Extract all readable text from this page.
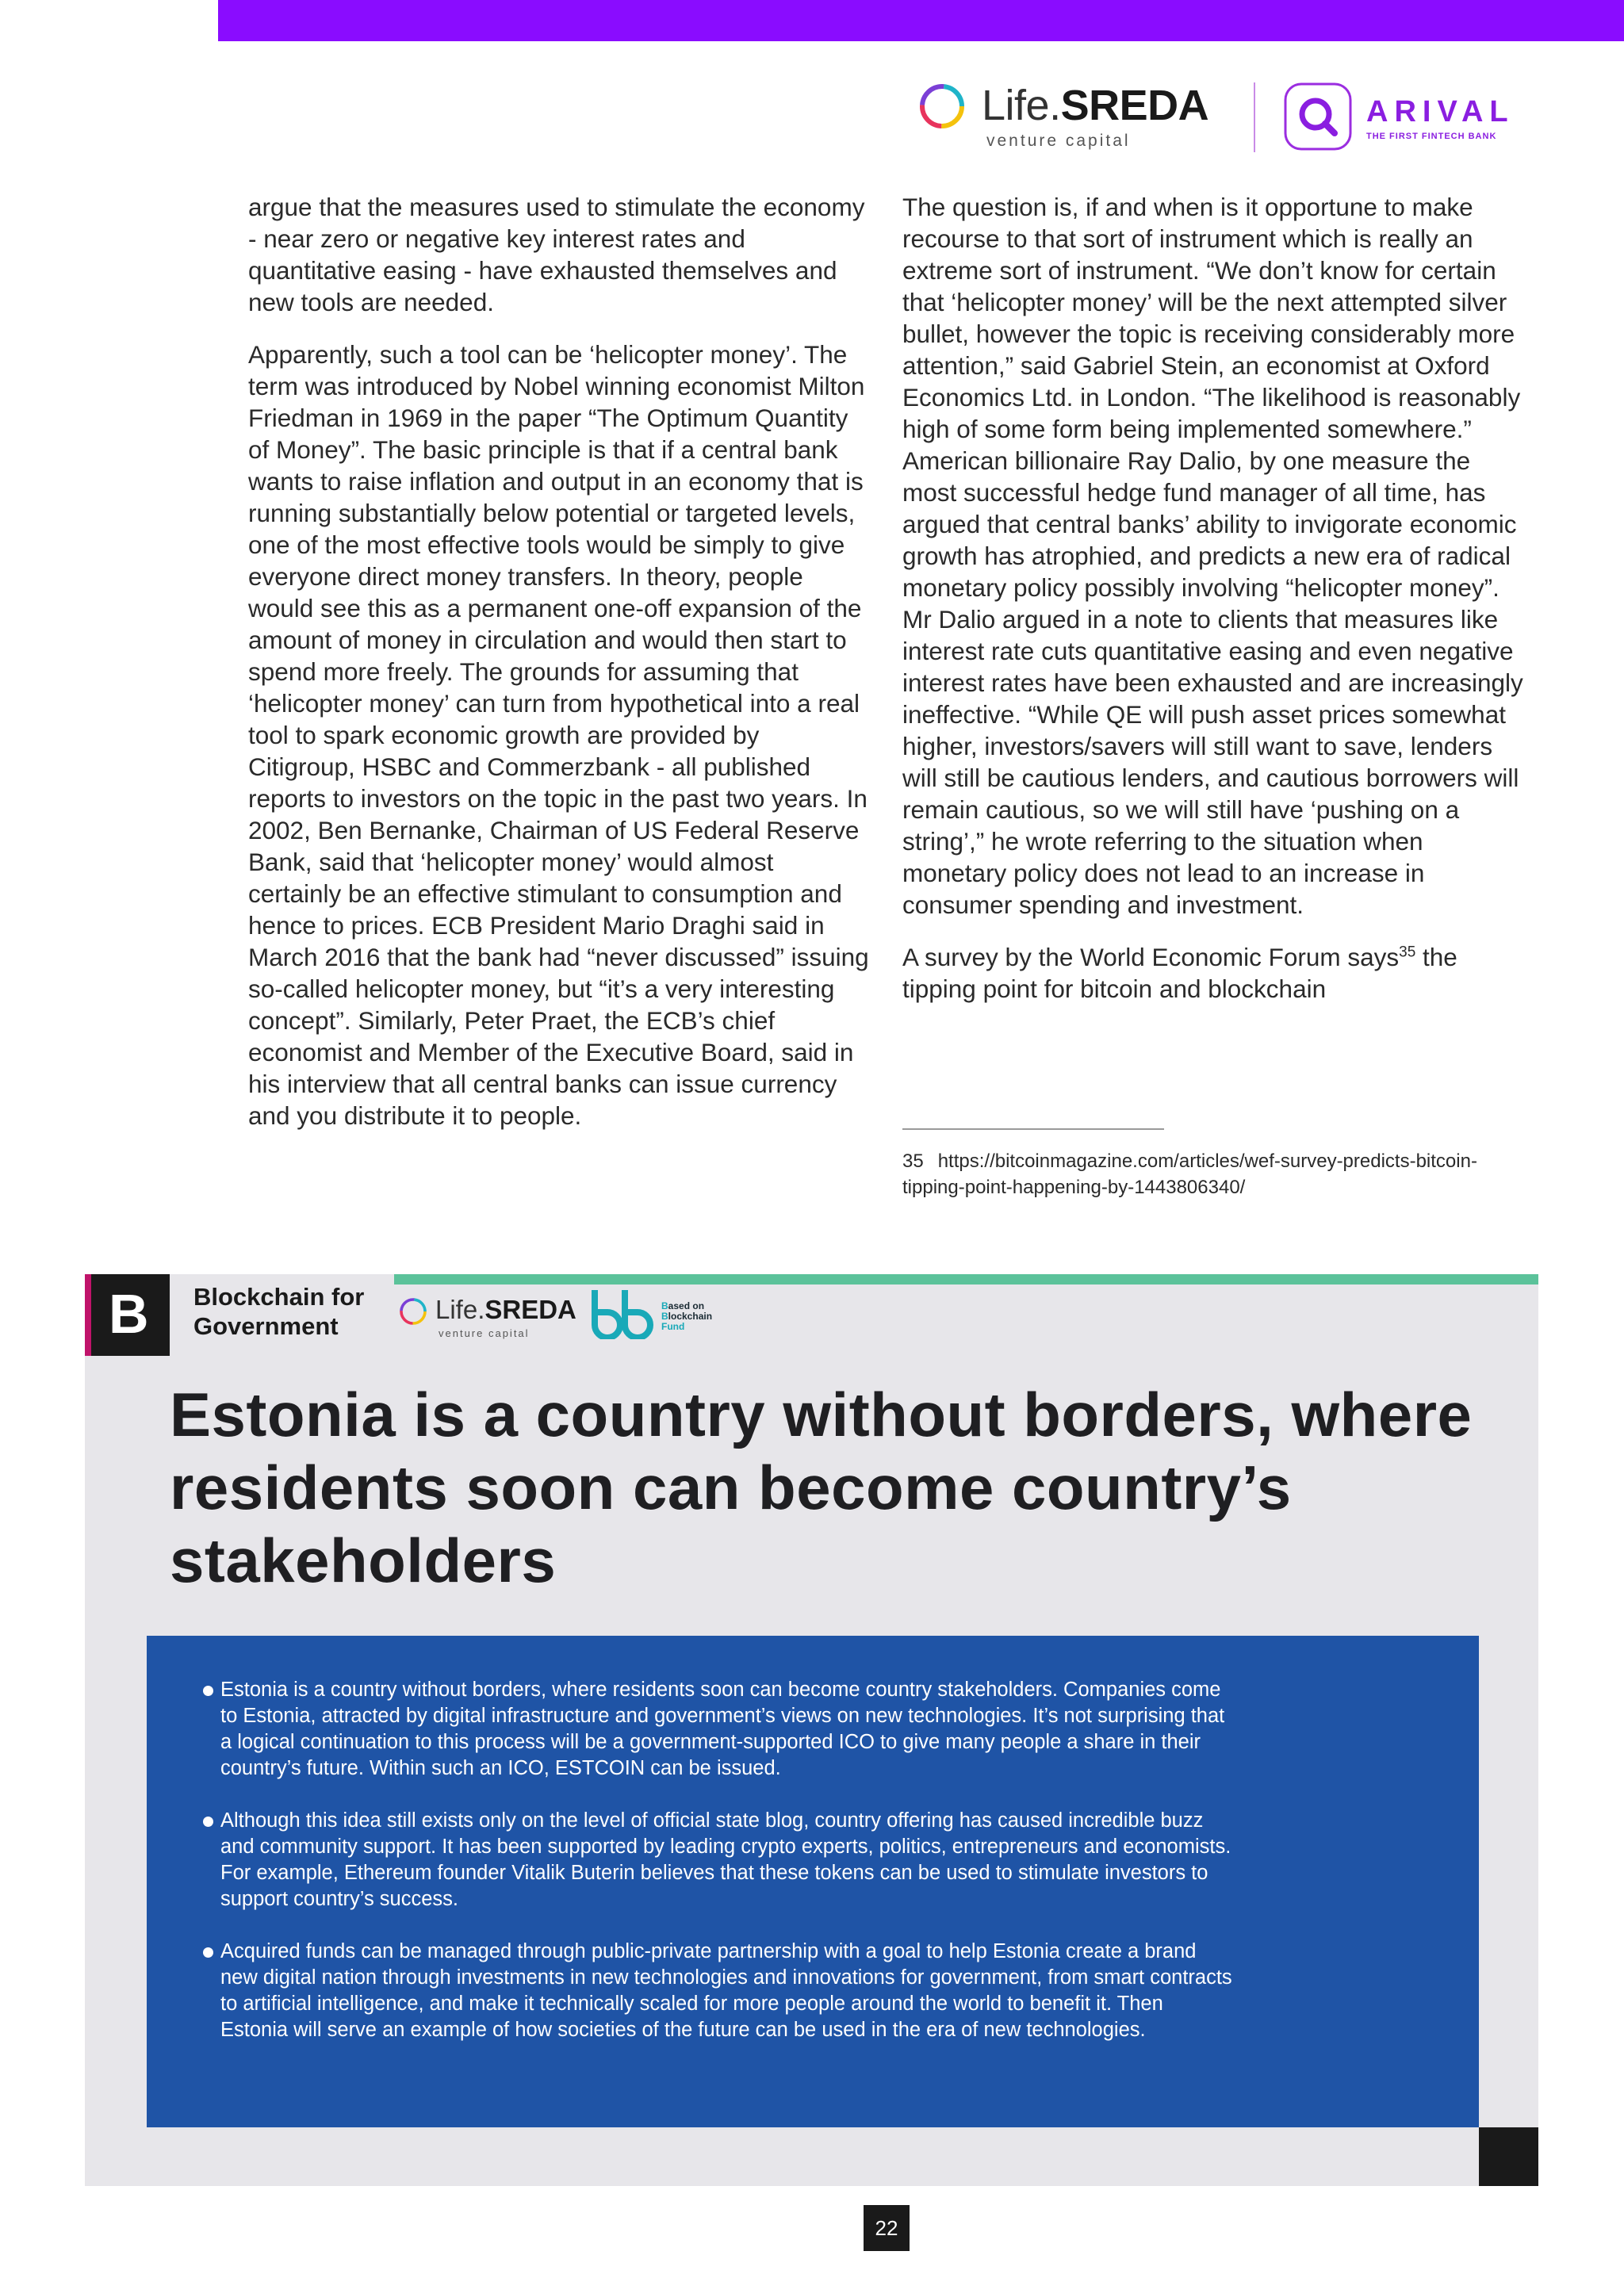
Life.SREDA
venture capital
ARIVAL
THE FIRST FINTECH BANK

argue that the measures used to stimulate the economy - near zero or negative key interest rates and quantitative easing - have exhausted themselves and new tools are needed.

Apparently, such a tool can be ‘helicopter money’. The term was introduced by Nobel winning economist Milton Friedman in 1969 in the paper “The Optimum Quantity of Money”. The basic principle is that if a central bank wants to raise inflation and output in an economy that is running substantially below potential or targeted levels, one of the most effective tools would be simply to give everyone direct money transfers. In theory, people would see this as a permanent one-off expansion of the amount of money in circulation and would then start to spend more freely. The grounds for assuming that ‘helicopter money’ can turn from hypothetical into a real tool to spark economic growth are provided by Citigroup, HSBC and Commerzbank - all published reports to investors on the topic in the past two years. In 2002, Ben Bernanke, Chairman of US Federal Reserve Bank, said that ‘helicopter money’ would almost certainly be an effective stimulant to consumption and hence to prices. ECB President Mario Draghi said in March 2016 that the bank had “never discussed” issuing so-called helicopter money, but “it’s a very interesting concept”. Similarly, Peter Praet, the ECB’s chief economist and Member of the Executive Board, said in his interview that all central banks can issue currency and you distribute it to people.

The question is, if and when is it opportune to make recourse to that sort of instrument which is really an extreme sort of instrument. “We don’t know for certain that ‘helicopter money’ will be the next attempted silver bullet, however the topic is receiving considerably more attention,” said Gabriel Stein, an economist at Oxford Economics Ltd. in London. “The likelihood is reasonably high of some form being implemented somewhere.” American billionaire Ray Dalio, by one measure the most successful hedge fund manager of all time, has argued that central banks’ ability to invigorate economic growth has atrophied, and predicts a new era of radical monetary policy possibly involving “helicopter money”. Mr Dalio argued in a note to clients that measures like interest rate cuts quantitative easing and even negative interest rates have been exhausted and are increasingly ineffective. “While QE will push asset prices somewhat higher, investors/savers will still want to save, lenders will still be cautious lenders, and cautious borrowers will remain cautious, so we will still have ‘pushing on a string’,” he wrote referring to the situation when monetary policy does not lead to an increase in consumer spending and investment.

A survey by the World Economic Forum says$^{35}$ the tipping point for bitcoin and blockchain

35 https://bitcoinmagazine.com/articles/wef-survey-predicts-bitcoin-tipping-point-happening-by-1443806340/
B Blockchain for
Government
Life.SREDA
venture capital
Based on
Blockchain
Fund
Estonia is a country without borders, where residents soon can become country’s stakeholders
Estonia is a country without borders, where residents soon can become country stakeholders. Companies come to Estonia, attracted by digital infrastructure and government’s views on new technologies. It’s not surprising that a logical continuation to this process will be a government-supported ICO to give many people a share in their country’s future. Within such an ICO, ESTCOIN can be issued.
Although this idea still exists only on the level of official state blog, country offering has caused incredible buzz and community support. It has been supported by leading crypto experts, politics, entrepreneurs and economists. For example, Ethereum founder Vitalik Buterin believes that these tokens can be used to stimulate investors to support country’s success.
Acquired funds can be managed through public-private partnership with a goal to help Estonia create a brand new digital nation through investments in new technologies and innovations for government, from smart contracts to artificial intelligence, and make it technically scaled for more people around the world to benefit it. Then Estonia will serve an example of how societies of the future can be used in the era of new technologies.
22
